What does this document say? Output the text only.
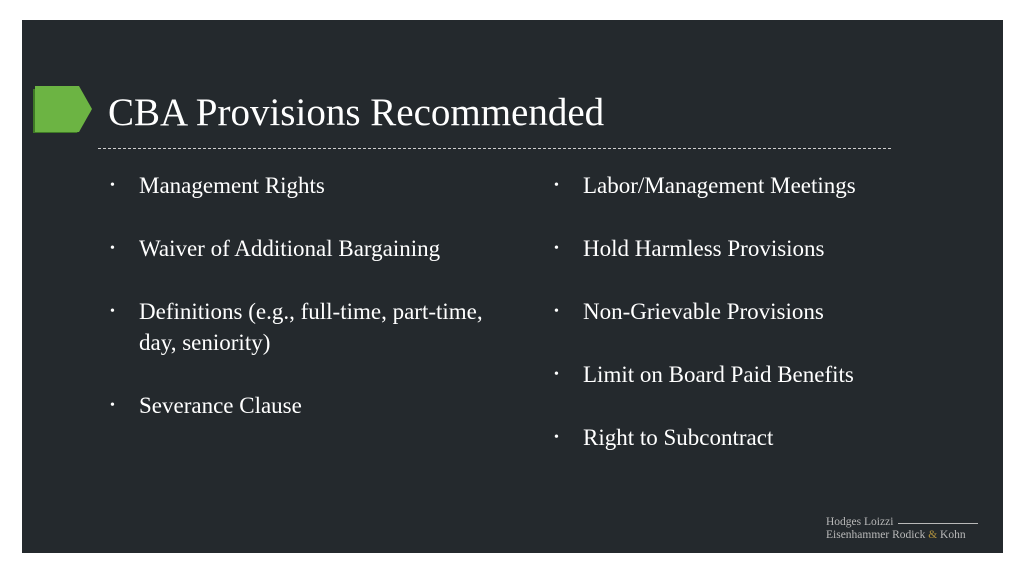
CBA Provisions Recommended
• Management Rights
• Waiver of Additional Bargaining
• Definitions (e.g., full-time, part-time, day, seniority)
• Severance Clause
• Labor/Management Meetings
• Hold Harmless Provisions
• Non-Grievable Provisions
• Limit on Board Paid Benefits
• Right to Subcontract
Hodges Loizzi
Eisenhammer Rodick & Kohn
